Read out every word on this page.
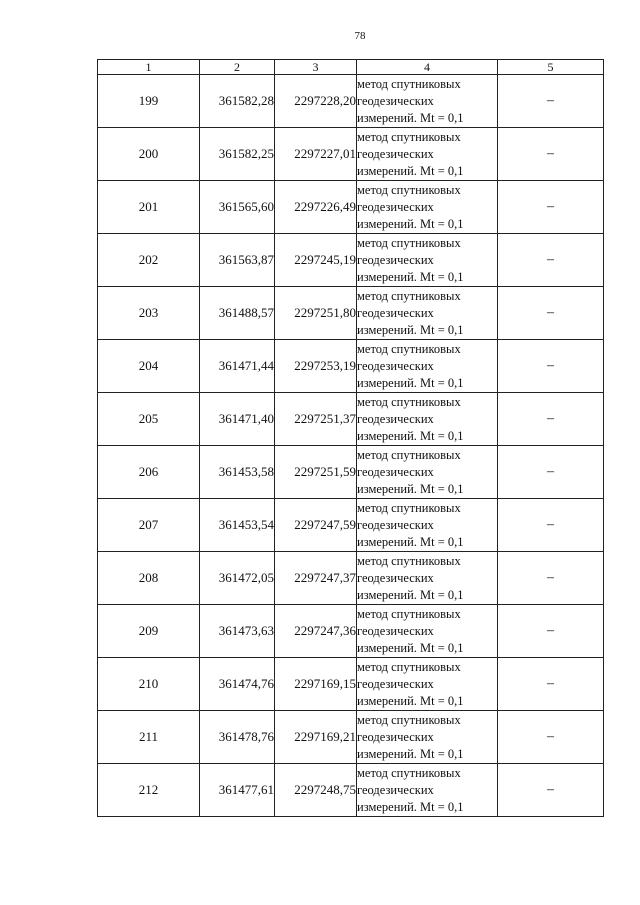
78
1	2	3	4	5
199	361582,28	2297228,20	метод спутниковых
геодезических
измерений. Mt = 0,1	–
200	361582,25	2297227,01	метод спутниковых
геодезических
измерений. Mt = 0,1	–
201	361565,60	2297226,49	метод спутниковых
геодезических
измерений. Mt = 0,1	–
202	361563,87	2297245,19	метод спутниковых
геодезических
измерений. Mt = 0,1	–
203	361488,57	2297251,80	метод спутниковых
геодезических
измерений. Mt = 0,1	–
204	361471,44	2297253,19	метод спутниковых
геодезических
измерений. Mt = 0,1	–
205	361471,40	2297251,37	метод спутниковых
геодезических
измерений. Mt = 0,1	–
206	361453,58	2297251,59	метод спутниковых
геодезических
измерений. Mt = 0,1	–
207	361453,54	2297247,59	метод спутниковых
геодезических
измерений. Mt = 0,1	–
208	361472,05	2297247,37	метод спутниковых
геодезических
измерений. Mt = 0,1	–
209	361473,63	2297247,36	метод спутниковых
геодезических
измерений. Mt = 0,1	–
210	361474,76	2297169,15	метод спутниковых
геодезических
измерений. Mt = 0,1	–
211	361478,76	2297169,21	метод спутниковых
геодезических
измерений. Mt = 0,1	–
212	361477,61	2297248,75	метод спутниковых
геодезических
измерений. Mt = 0,1	–
